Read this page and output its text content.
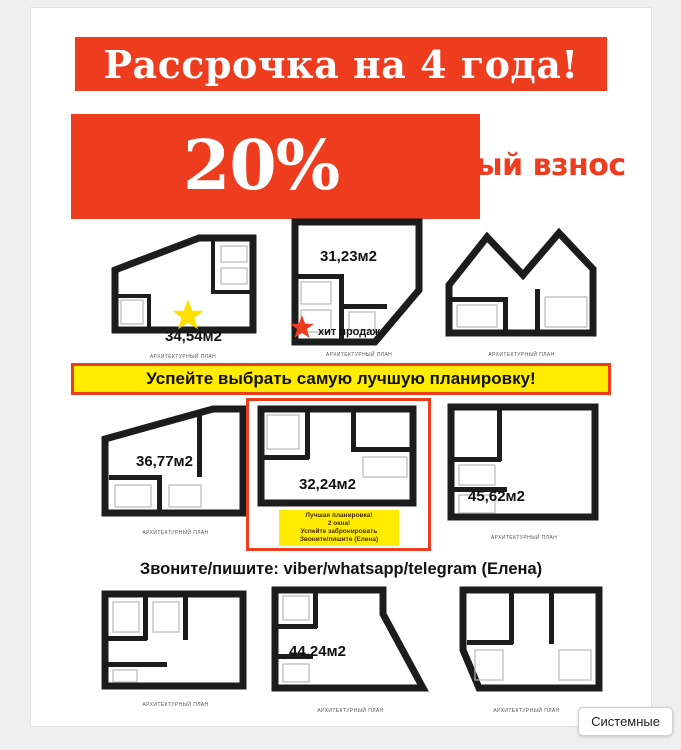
Рассрочка на 4 года!
20% первый взнос
АРХИТЕКТУРНЫЙ ПЛАН
34,54м2
АРХИТЕКТУРНЫЙ ПЛАН
31,23м2
хит продаж
АРХИТЕКТУРНЫЙ ПЛАН
Успейте выбрать самую лучшую планировку!
АРХИТЕКТУРНЫЙ ПЛАН
36,77м2
32,24м2
Лучшая планировка!
2 окна!
Успейте забронировать
Звоните/пишите (Елена)	АРХИТЕКТУРНЫЙ ПЛАН
45,62м2
Звоните/пишите: viber/whatsapp/telegram (Елена)
АРХИТЕКТУРНЫЙ ПЛАН
АРХИТЕКТУРНЫЙ ПЛАН
44,24м2
АРХИТЕКТУРНЫЙ ПЛАН
Системные
